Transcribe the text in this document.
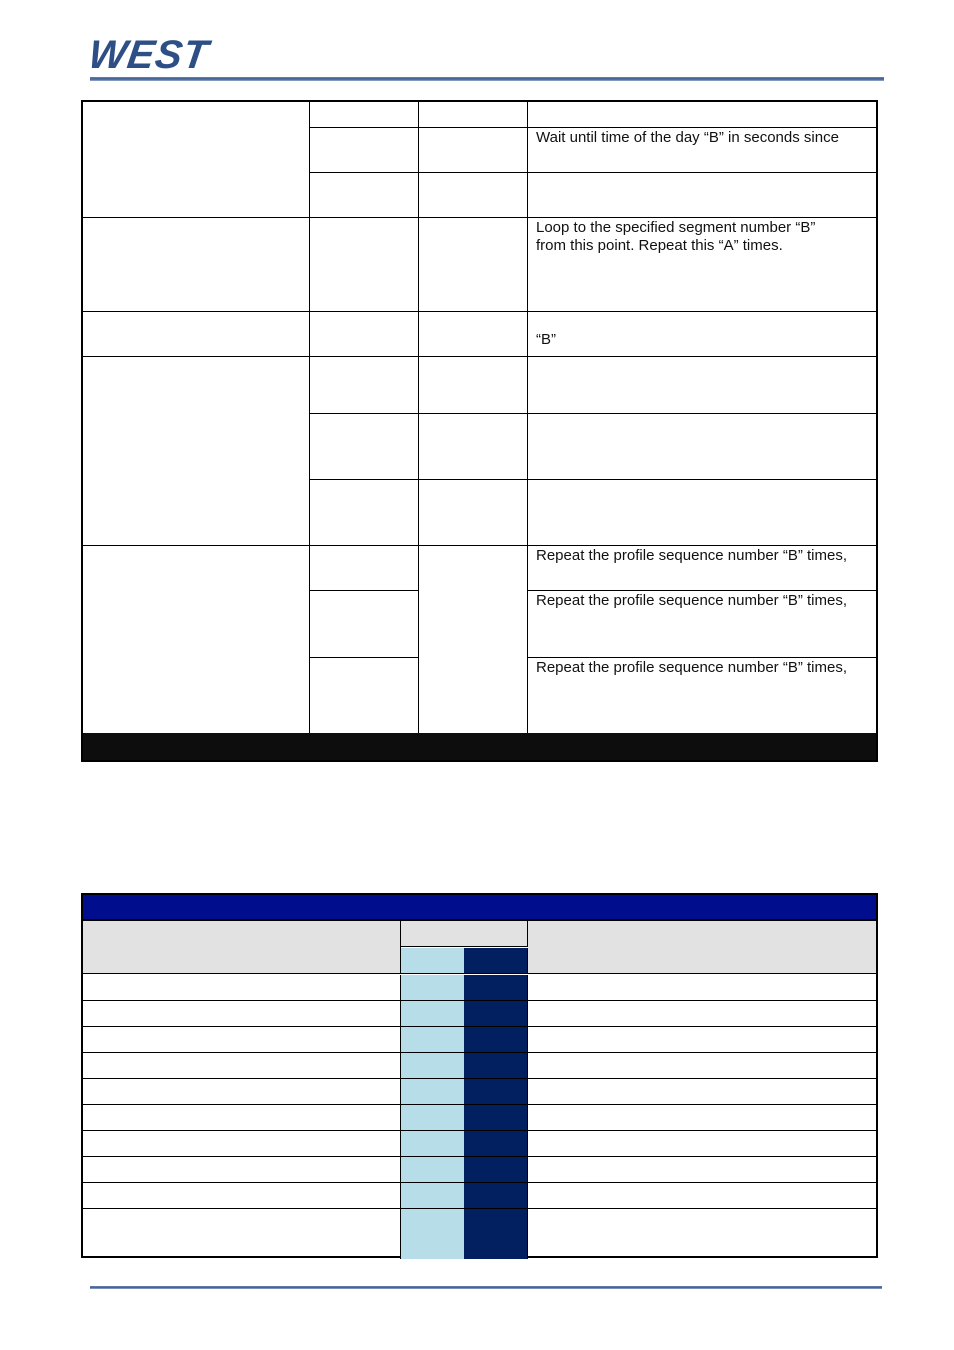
WEST
Wait until time of the day “B” in seconds since
Loop to the specified segment number “B”
from this point. Repeat this “A” times.
“B”
Repeat the profile sequence number “B” times,
Repeat the profile sequence number “B” times,
Repeat the profile sequence number “B” times,
